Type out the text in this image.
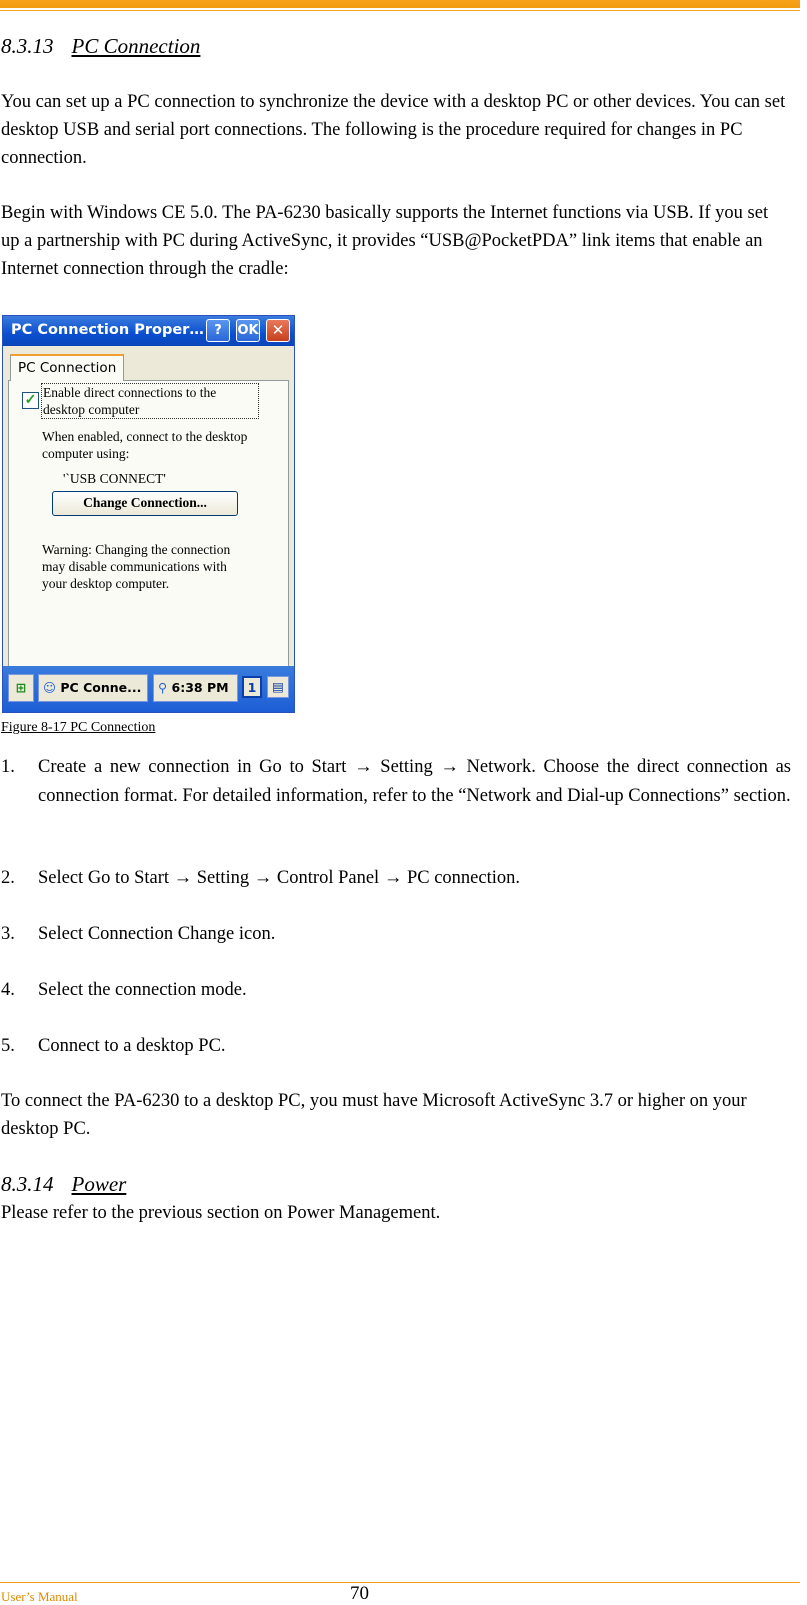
8.3.13 PC Connection

You can set up a PC connection to synchronize the device with a desktop PC or other devices. You can set desktop USB and serial port connections. The following is the procedure required for changes in PC connection.

Begin with Windows CE 5.0. The PA-6230 basically supports the Internet functions via USB. If you set up a partnership with PC during ActiveSync, it provides “USB@PocketPDA” link items that enable an Internet connection through the cradle:

PC Connection Proper… ?	OK ✕
PC Connection
⊞	☺ PC Conne...	⚲ 6:38 PM	1	▤
✓
Enable direct connections to the desktop computer
When enabled, connect to the desktop computer using:
'`USB CONNECT'
Change Connection...
Warning: Changing the connection may disable communications with your desktop computer.
Figure 8-17 PC Connection
1. Create a new connection in Go to Start → Setting → Network. Choose the direct connection as connection format. For detailed information, refer to the “Network and Dial-up Connections” section.
2. Select Go to Start → Setting → Control Panel → PC connection.
3. Select Connection Change icon.
4. Select the connection mode.
5. Connect to a desktop PC.

To connect the PA-6230 to a desktop PC, you must have Microsoft ActiveSync 3.7 or higher on your desktop PC.

8.3.14 Power

Please refer to the previous section on Power Management.

User’s Manual	70
